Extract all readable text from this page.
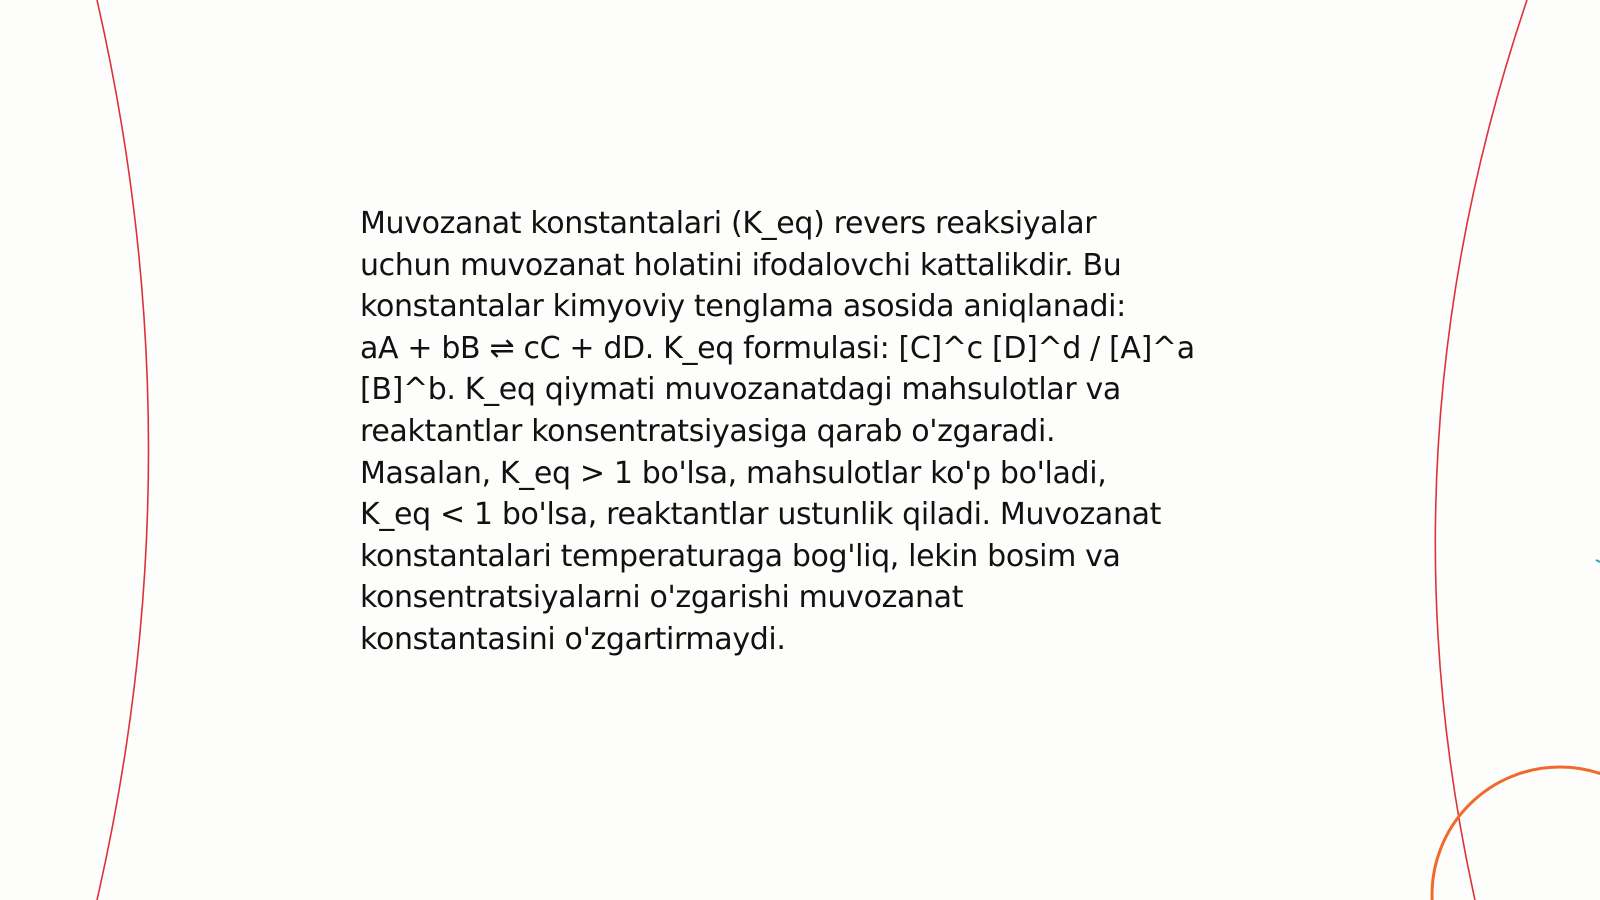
Muvozanat konstantalari (K_eq) revers reaksiyalar
uchun muvozanat holatini ifodalovchi kattalikdir. Bu
konstantalar kimyoviy tenglama asosida aniqlanadi:
aA + bB ⇌ cC + dD. K_eq formulasi: [C]^c [D]^d / [A]^a
[B]^b. K_eq qiymati muvozanatdagi mahsulotlar va
reaktantlar konsentratsiyasiga qarab o'zgaradi.
Masalan, K_eq > 1 bo'lsa, mahsulotlar ko'p bo'ladi,
K_eq < 1 bo'lsa, reaktantlar ustunlik qiladi. Muvozanat
konstantalari temperaturaga bog'liq, lekin bosim va
konsentratsiyalarni o'zgarishi muvozanat
konstantasini o'zgartirmaydi.
